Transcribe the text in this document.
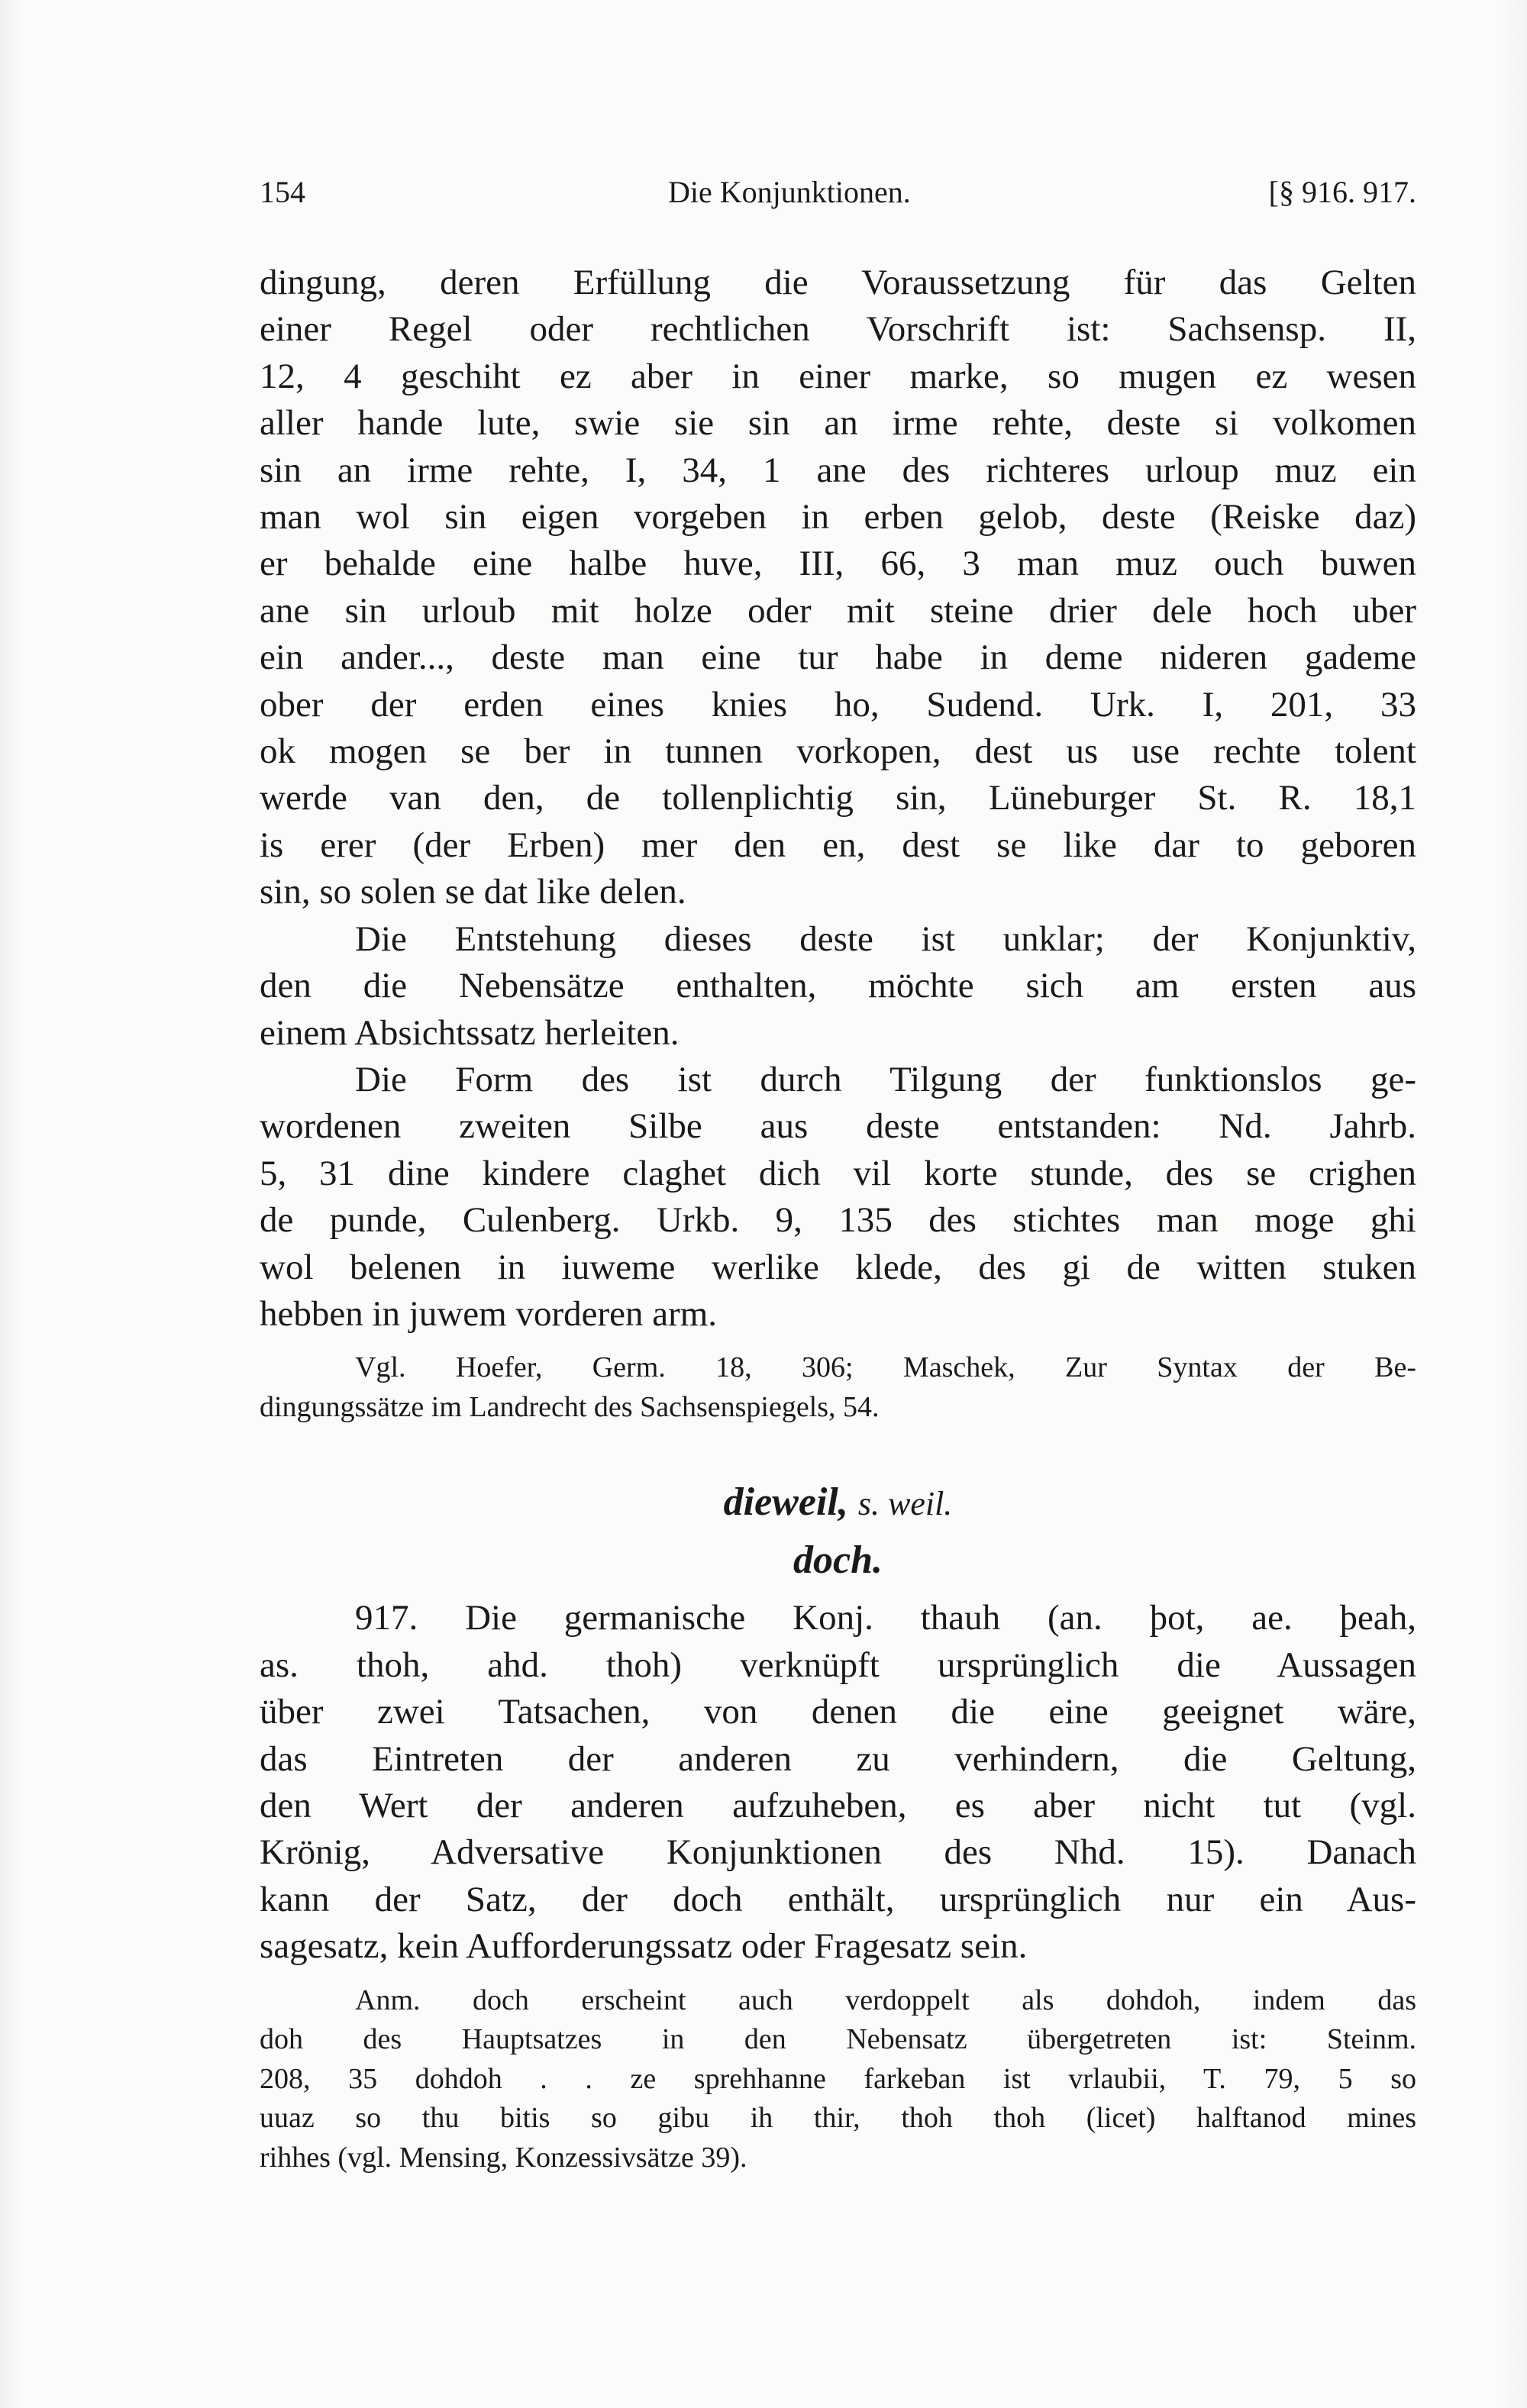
154	Die Konjunktionen.	[§ 916. 917.
dingung, deren Erfüllung die Voraussetzung für das Gelten
einer Regel oder rechtlichen Vorschrift ist: Sachsensp. II,
12, 4 geschiht ez aber in einer marke, so mugen ez wesen
aller hande lute, swie sie sin an irme rehte, deste si volkomen
sin an irme rehte, I, 34, 1 ane des richteres urloup muz ein
man wol sin eigen vorgeben in erben gelob, deste (Reiske daz)
er behalde eine halbe huve, III, 66, 3 man muz ouch buwen
ane sin urloub mit holze oder mit steine drier dele hoch uber
ein ander..., deste man eine tur habe in deme nideren gademe
ober der erden eines knies ho, Sudend. Urk. I, 201, 33
ok mogen se ber in tunnen vorkopen, dest us use rechte tolent
werde van den, de tollenplichtig sin, Lüneburger St. R. 18,1
is erer (der Erben) mer den en, dest se like dar to geboren
sin, so solen se dat like delen.
Die Entstehung dieses deste ist unklar; der Konjunktiv,
den die Nebensätze enthalten, möchte sich am ersten aus
einem Absichtssatz herleiten.
Die Form des ist durch Tilgung der funktionslos ge-
wordenen zweiten Silbe aus deste entstanden: Nd. Jahrb.
5, 31 dine kindere claghet dich vil korte stunde, des se crighen
de punde, Culenberg. Urkb. 9, 135 des stichtes man moge ghi
wol belenen in iuweme werlike klede, des gi de witten stuken
hebben in juwem vorderen arm.
Vgl. Hoefer, Germ. 18, 306; Maschek, Zur Syntax der Be-
dingungssätze im Landrecht des Sachsenspiegels, 54.
dieweil, s. weil.
doch.
917. Die germanische Konj. thauh (an. þot, ae. þeah,
as. thoh, ahd. thoh) verknüpft ursprünglich die Aussagen
über zwei Tatsachen, von denen die eine geeignet wäre,
das Eintreten der anderen zu verhindern, die Geltung,
den Wert der anderen aufzuheben, es aber nicht tut (vgl.
Krönig, Adversative Konjunktionen des Nhd. 15). Danach
kann der Satz, der doch enthält, ursprünglich nur ein Aus-
sagesatz, kein Aufforderungssatz oder Fragesatz sein.
Anm. doch erscheint auch verdoppelt als dohdoh, indem das
doh des Hauptsatzes in den Nebensatz übergetreten ist: Steinm.
208, 35 dohdoh . . ze sprehhanne farkeban ist vrlaubii, T. 79, 5 so
uuaz so thu bitis so gibu ih thir, thoh thoh (licet) halftanod mines
rihhes (vgl. Mensing, Konzessivsätze 39).
